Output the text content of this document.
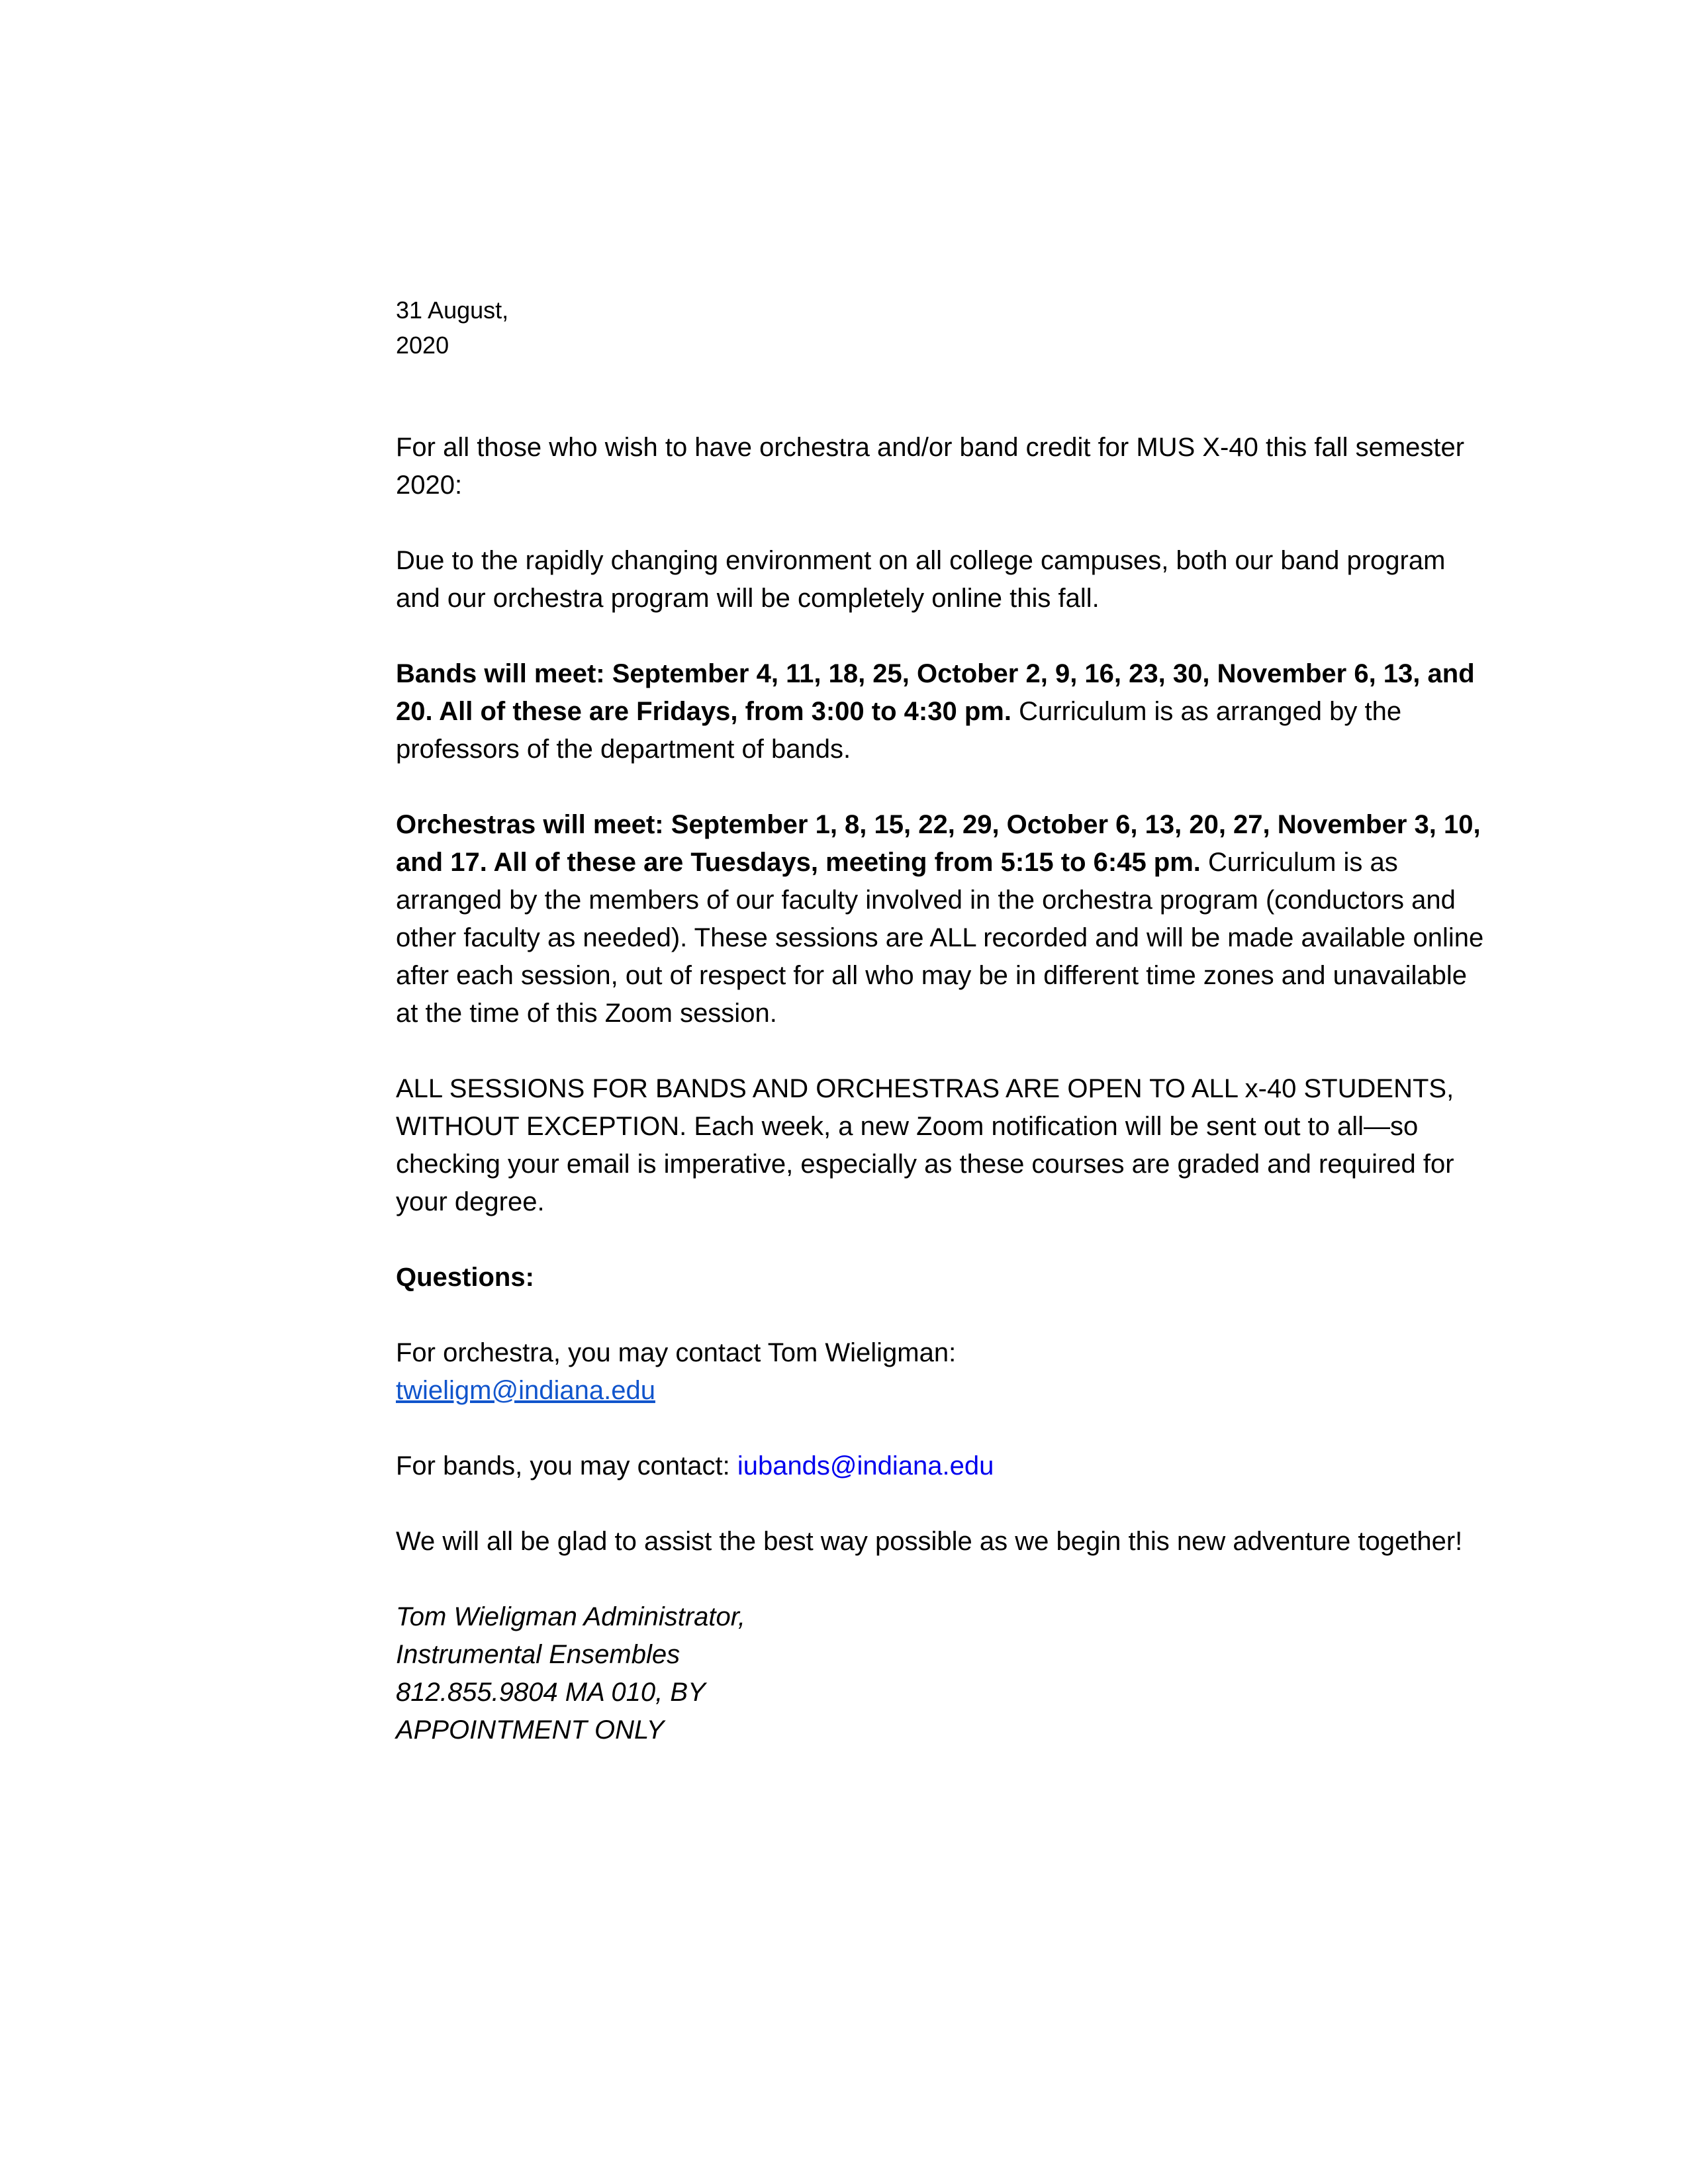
31 August,
2020

For all those who wish to have orchestra and/or band credit for MUS X-40 this fall semester 2020:

Due to the rapidly changing environment on all college campuses, both our band program and our orchestra program will be completely online this fall.

Bands will meet: September 4, 11, 18, 25, October 2, 9, 16, 23, 30, November 6, 13, and 20. All of these are Fridays, from 3:00 to 4:30 pm. Curriculum is as arranged by the professors of the department of bands.

Orchestras will meet: September 1, 8, 15, 22, 29, October 6, 13, 20, 27, November 3, 10, and 17. All of these are Tuesdays, meeting from 5:15 to 6:45 pm. Curriculum is as arranged by the members of our faculty involved in the orchestra program (conductors and other faculty as needed). These sessions are ALL recorded and will be made available online after each session, out of respect for all who may be in different time zones and unavailable at the time of this Zoom session.

ALL SESSIONS FOR BANDS AND ORCHESTRAS ARE OPEN TO ALL x-40 STUDENTS, WITHOUT EXCEPTION. Each week, a new Zoom notification will be sent out to all—so checking your email is imperative, especially as these courses are graded and required for your degree.

Questions:

For orchestra, you may contact Tom Wieligman:
twieligm@indiana.edu

For bands, you may contact: iubands@indiana.edu

We will all be glad to assist the best way possible as we begin this new adventure together!

Tom Wieligman Administrator,
Instrumental Ensembles
812.855.9804 MA 010, BY
APPOINTMENT ONLY
